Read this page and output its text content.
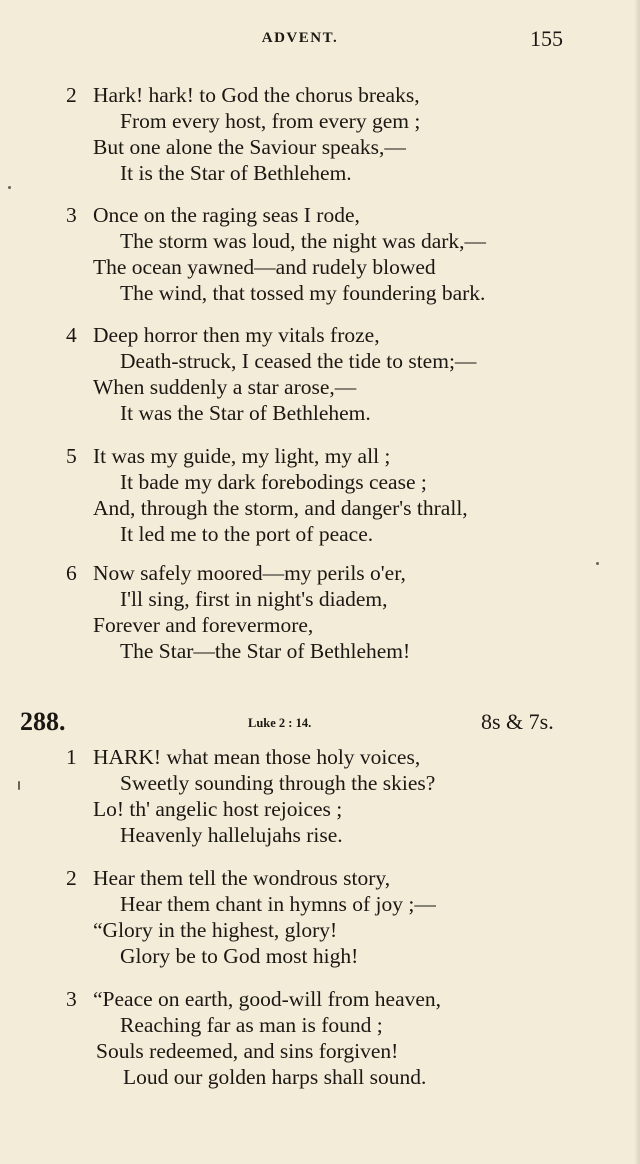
ADVENT.	155
2 Hark! hark! to God the chorus breaks,
From every host, from every gem ;
But one alone the Saviour speaks,—
It is the Star of Bethlehem.
3 Once on the raging seas I rode,
The storm was loud, the night was dark,—
The ocean yawned—and rudely blowed
The wind, that tossed my foundering bark.
4 Deep horror then my vitals froze,
Death-struck, I ceased the tide to stem;—
When suddenly a star arose,—
It was the Star of Bethlehem.
5 It was my guide, my light, my all ;
It bade my dark forebodings cease ;
And, through the storm, and danger's thrall,
It led me to the port of peace.
6 Now safely moored—my perils o'er,
I'll sing, first in night's diadem,
Forever and forevermore,
The Star—the Star of Bethlehem!
288.	Luke 2 : 14.	8s & 7s.
1 HARK! what mean those holy voices,
Sweetly sounding through the skies?
Lo! th' angelic host rejoices ;
Heavenly hallelujahs rise.
2 Hear them tell the wondrous story,
Hear them chant in hymns of joy ;—
“Glory in the highest, glory!
Glory be to God most high!
3 “Peace on earth, good-will from heaven,
Reaching far as man is found ;
Souls redeemed, and sins forgiven!
Loud our golden harps shall sound.
